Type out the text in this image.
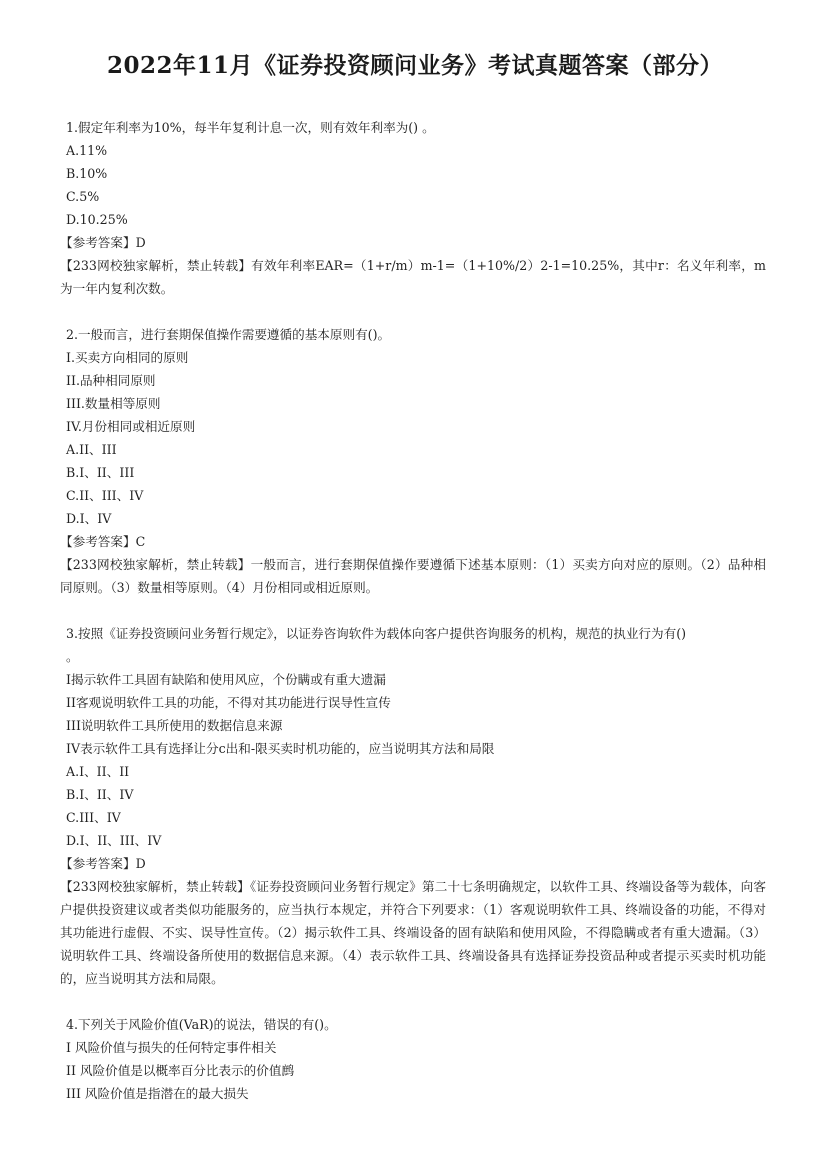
2022年11月《证券投资顾问业务》考试真题答案（部分）
1.假定年利率为10%，每半年复利计息一次，则有效年利率为() 。
A.11%
B.10%
C.5%
D.10.25%
【参考答案】D
【233网校独家解析，禁止转载】有效年利率EAR=（1+r/m）m-1=（1+10%/2）2-1=10.25%，其中r：名义年利率，m为一年内复利次数。
2.一般而言，进行套期保值操作需要遵循的基本原则有()。
I.买卖方向相同的原则
II.品种相同原则
III.数量相等原则
IV.月份相同或相近原则
A.II、III
B.I、II、III
C.II、III、IV
D.I、IV
【参考答案】C
【233网校独家解析，禁止转载】一般而言，进行套期保值操作要遵循下述基本原则：（1）买卖方向对应的原则。（2）品种相同原则。（3）数量相等原则。（4）月份相同或相近原则。
3.按照《证券投资顾问业务暂行规定》，以证券咨询软件为载体向客户提供咨询服务的机构，规范的执业行为有()
。
I揭示软件工具固有缺陷和使用风应，个份瞒或有重大遗漏
II客观说明软件工具的功能，不得对其功能进行误导性宣传
III说明软件工具所使用的数据信息来源
IV表示软件工具有选择让分c出和-限买卖时机功能的，应当说明其方法和局限
A.I、II、II
B.I、II、IV
C.III、IV
D.I、II、III、IV
【参考答案】D
【233网校独家解析，禁止转载】《证券投资顾问业务暂行规定》第二十七条明确规定，以软件工具、终端设备等为载体，向客户提供投资建议或者类似功能服务的，应当执行本规定，并符合下列要求：（1）客观说明软件工具、终端设备的功能，不得对其功能进行虚假、不实、误导性宣传。（2）揭示软件工具、终端设备的固有缺陷和使用风险，不得隐瞒或者有重大遗漏。（3）说明软件工具、终端设备所使用的数据信息来源。（4）表示软件工具、终端设备具有选择证券投资品种或者提示买卖时机功能的，应当说明其方法和局限。
4.下列关于风险价值(VaR)的说法，错误的有()。
I 风险价值与损失的任何特定事件相关
II 风险价值是以概率百分比表示的价值鹧
III 风险价值是指潜在的最大损失
